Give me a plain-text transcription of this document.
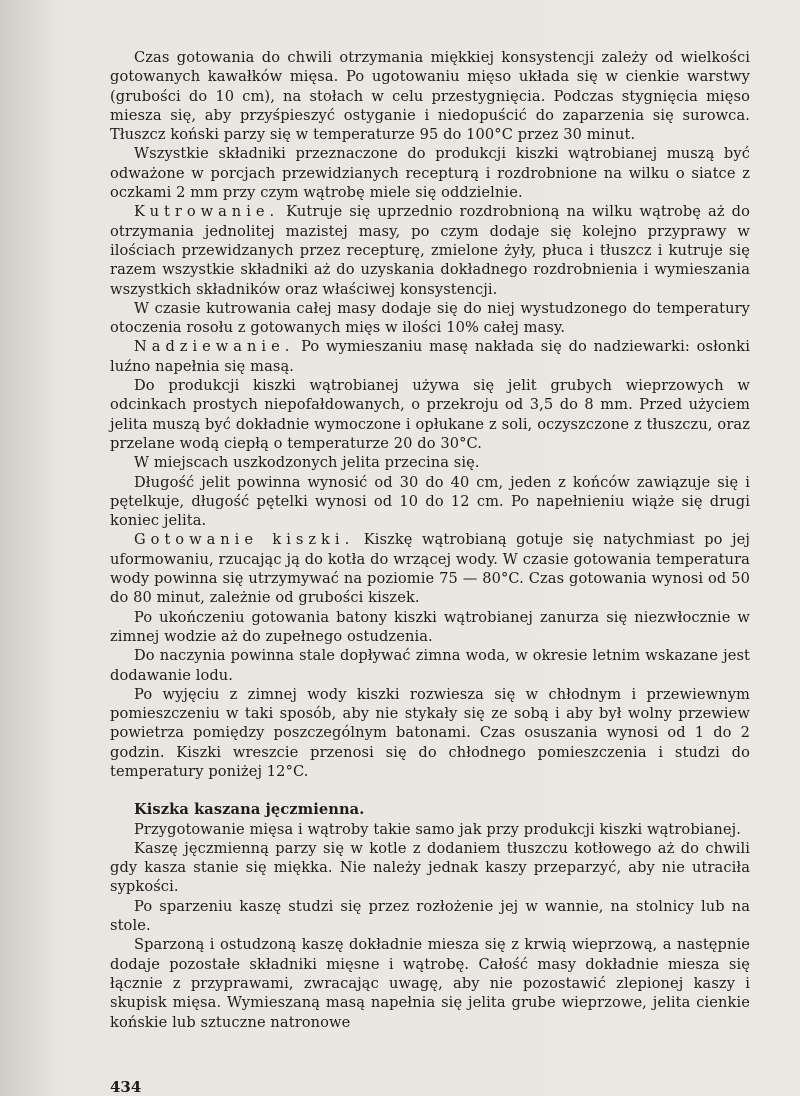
Czas gotowania do chwili otrzymania miękkiej konsystencji zależy od wielkości gotowanych kawałków mięsa. Po ugotowaniu mięso układa się w cienkie warstwy (grubości do 10 cm), na stołach w celu przestygnięcia. Podczas stygnięcia mięso miesza się, aby przyśpieszyć ostyganie i niedopuścić do zaparzenia się surowca. Tłuszcz koński parzy się w temperaturze 95 do 100°C przez 30 minut.

Wszystkie składniki przeznaczone do produkcji kiszki wątrobianej muszą być odważone w porcjach przewidzianych recepturą i rozdrobnione na wilku o siatce z oczkami 2 mm przy czym wątrobę miele się oddzielnie.

Kutrowanie. Kutruje się uprzednio rozdrobnioną na wilku wątrobę aż do otrzymania jednolitej mazistej masy, po czym dodaje się kolejno przyprawy w ilościach przewidzanych przez recepturę, zmielone żyły, płuca i tłuszcz i kutruje się razem wszystkie składniki aż do uzyskania dokładnego rozdrobnienia i wymieszania wszystkich składników oraz właściwej konsystencji.

W czasie kutrowania całej masy dodaje się do niej wystudzonego do temperatury otoczenia rosołu z gotowanych mięs w ilości 10% całej masy.

Nadziewanie. Po wymieszaniu masę nakłada się do nadziewarki: osłonki luźno napełnia się masą.

Do produkcji kiszki wątrobianej używa się jelit grubych wieprzowych w odcinkach prostych niepofałdowanych, o przekroju od 3,5 do 8 mm. Przed użyciem jelita muszą być dokładnie wymoczone i opłukane z soli, oczyszczone z tłuszczu, oraz przelane wodą ciepłą o temperaturze 20 do 30°C.

W miejscach uszkodzonych jelita przecina się.

Długość jelit powinna wynosić od 30 do 40 cm, jeden z końców zawiązuje się i pętelkuje, długość pętelki wynosi od 10 do 12 cm. Po napełnieniu wiąże się drugi koniec jelita.

Gotowanie kiszki. Kiszkę wątrobianą gotuje się natychmiast po jej uformowaniu, rzucając ją do kotła do wrzącej wody. W czasie gotowania temperatura wody powinna się utrzymywać na poziomie 75 — 80°C. Czas gotowania wynosi od 50 do 80 minut, zależnie od grubości kiszek.

Po ukończeniu gotowania batony kiszki wątrobianej zanurza się niezwłocznie w zimnej wodzie aż do zupełnego ostudzenia.

Do naczynia powinna stale dopływać zimna woda, w okresie letnim wskazane jest dodawanie lodu.

Po wyjęciu z zimnej wody kiszki rozwiesza się w chłodnym i przewiewnym pomieszczeniu w taki sposób, aby nie stykały się ze sobą i aby był wolny przewiew powietrza pomiędzy poszczególnym batonami. Czas osuszania wynosi od 1 do 2 godzin. Kiszki wreszcie przenosi się do chłodnego pomieszczenia i studzi do temperatury poniżej 12°C.

Kiszka kaszana jęczmienna.

Przygotowanie mięsa i wątroby takie samo jak przy produkcji kiszki wątrobianej.

Kaszę jęczmienną parzy się w kotle z dodaniem tłuszczu kotłowego aż do chwili gdy kasza stanie się miękka. Nie należy jednak kaszy przeparzyć, aby nie utraciła sypkości.

Po sparzeniu kaszę studzi się przez rozłożenie jej w wannie, na stolnicy lub na stole.

Sparzoną i ostudzoną kaszę dokładnie miesza się z krwią wieprzową, a następnie dodaje pozostałe składniki mięsne i wątrobę. Całość masy dokładnie miesza się łącznie z przyprawami, zwracając uwagę, aby nie pozostawić zlepionej kaszy i skupisk mięsa. Wymieszaną masą napełnia się jelita grube wieprzowe, jelita cienkie końskie lub sztuczne natronowe

434
